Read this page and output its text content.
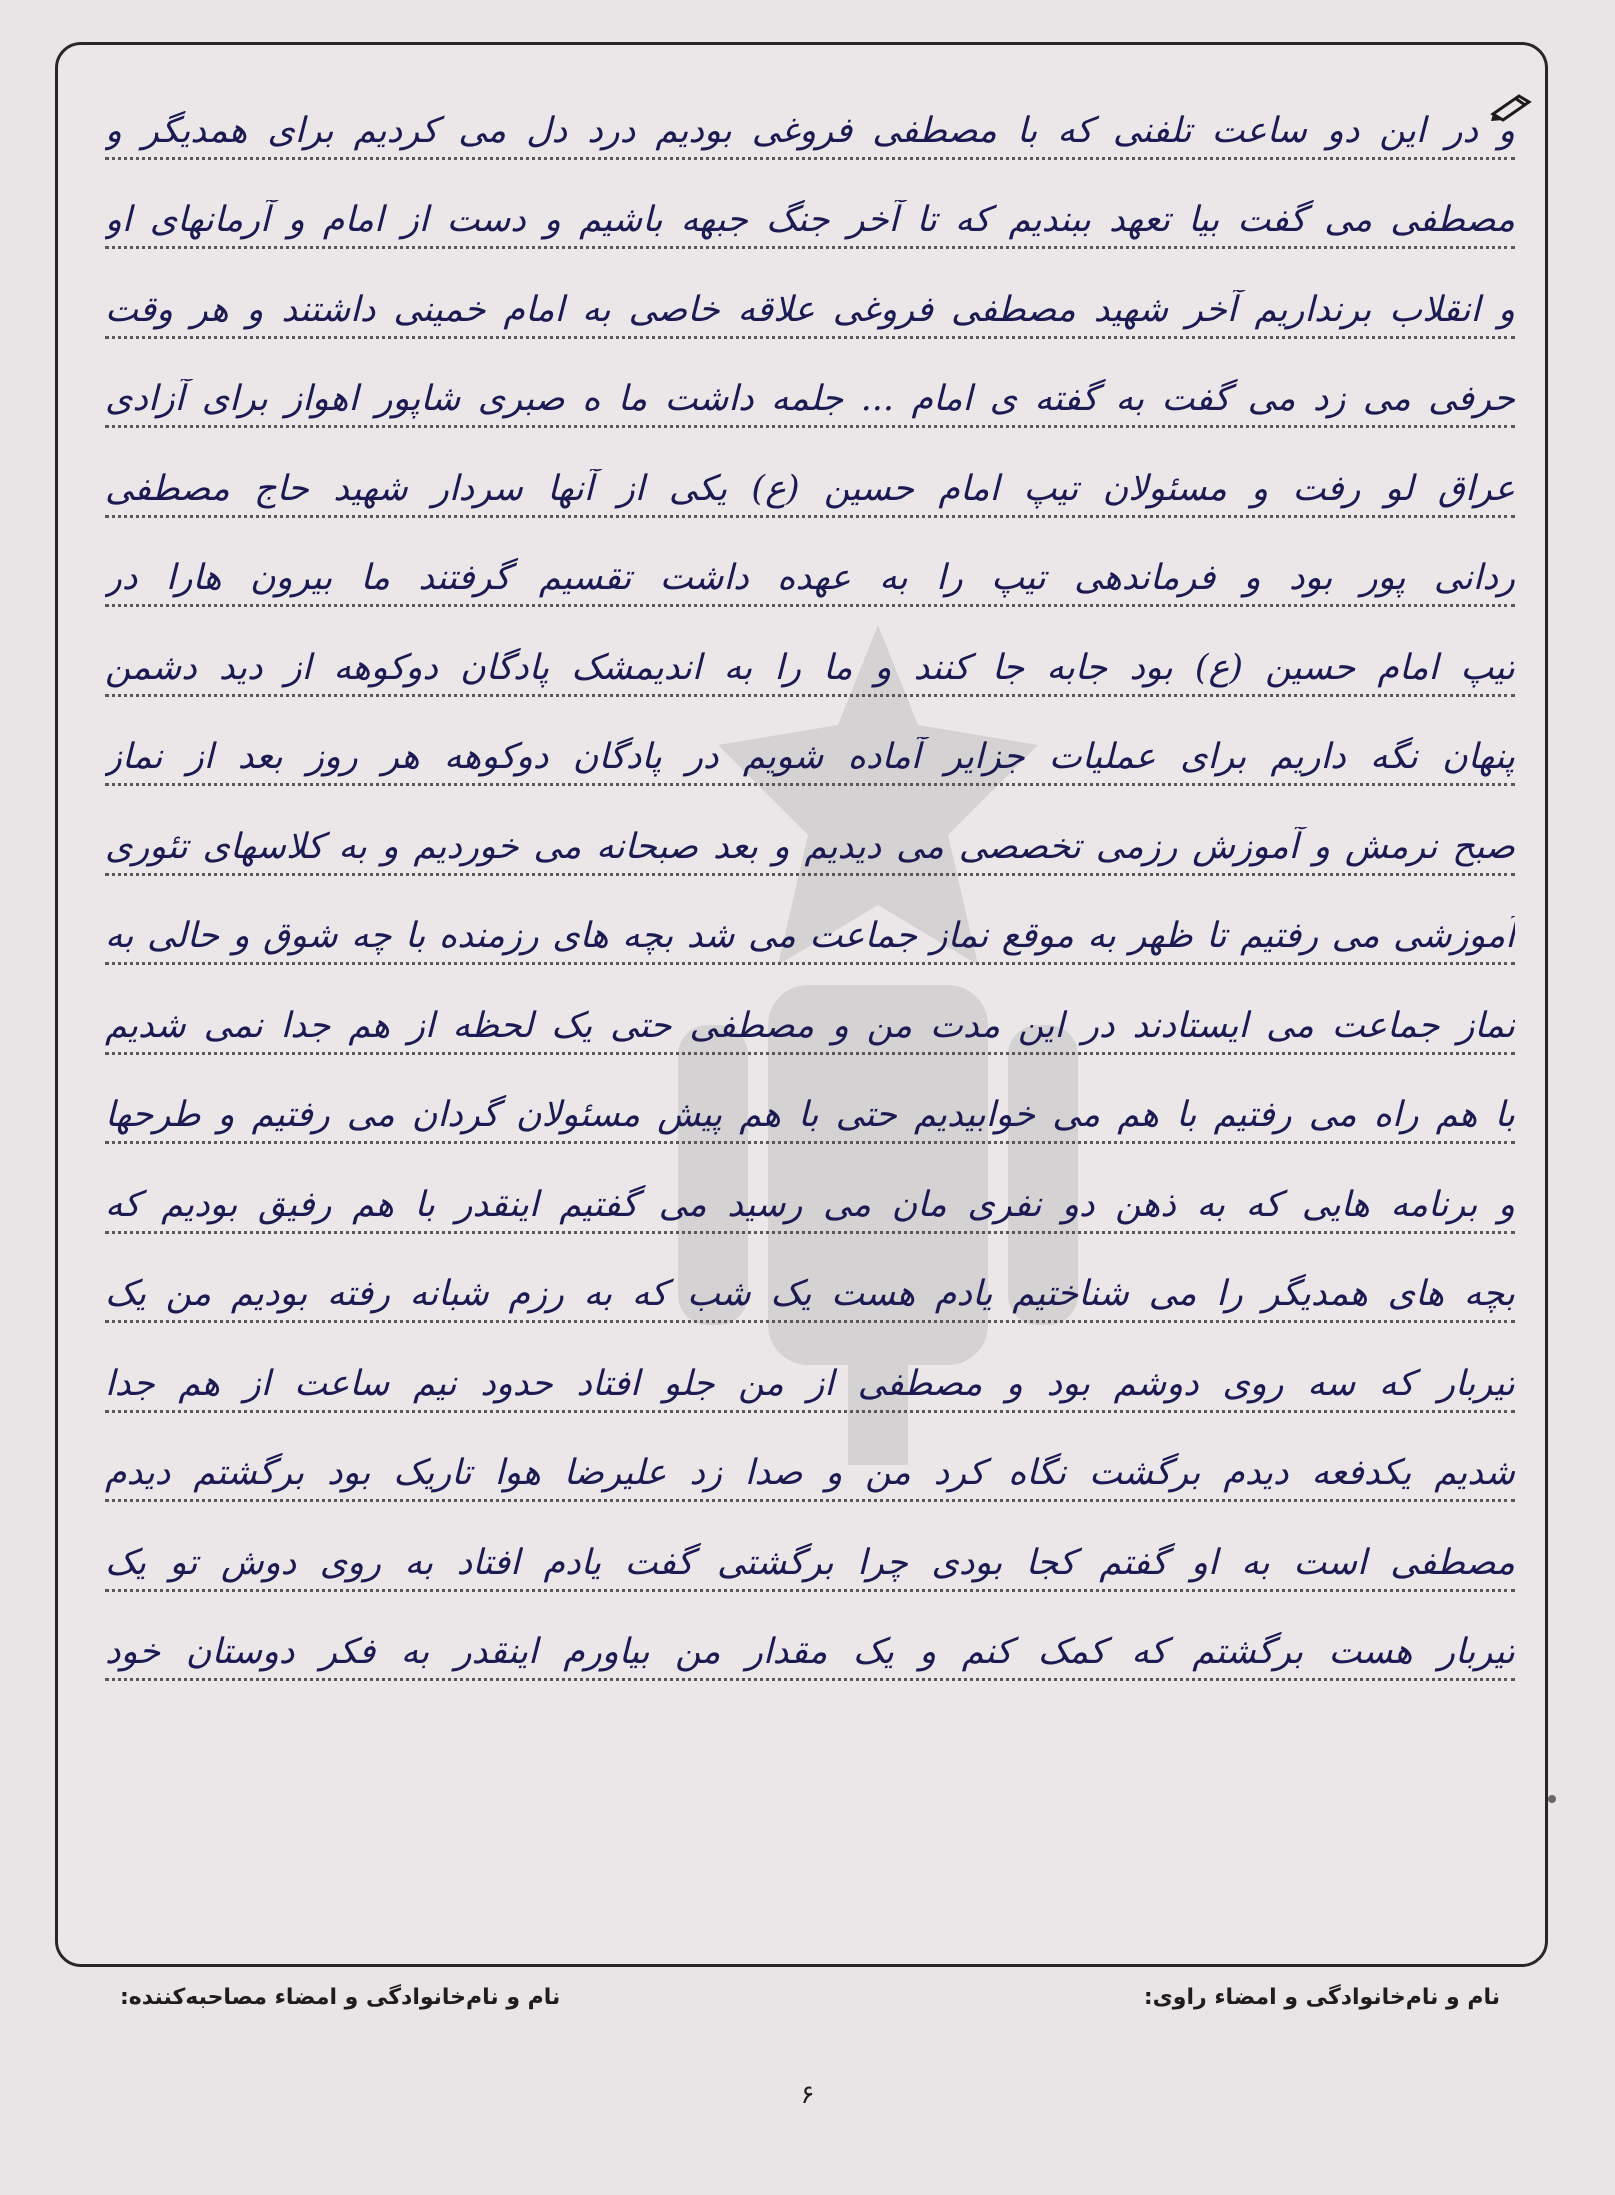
و در این دو ساعت تلفنی که با مصطفی فروغی بودیم درد دل می کردیم برای همدیگر و
مصطفی می گفت بیا تعهد ببندیم که تا آخر جنگ جبهه باشیم و دست از امام و آرمانهای او
و انقلاب برنداریم آخر شهید مصطفی فروغی علاقه خاصی به امام خمینی داشتند و هر وقت
حرفی می زد می گفت به گفته ی امام ... جلمه داشت ما ه صبری شاپور اهواز برای آزادی
عراق لو رفت و مسئولان تیپ امام حسین (ع) یکی از آنها سردار شهید حاج مصطفی
ردانی پور بود و فرماندهی تیپ را به عهده داشت تقسیم گرفتند ما بیرون هارا در
تیپ امام حسین (ع) بود جابه جا کنند و ما را به اندیمشک پادگان دوکوهه از دید دشمن
پنهان نگه داریم برای عملیات جزایر آماده شویم در پادگان دوکوهه هر روز بعد از نماز
صبح نرمش و آموزش رزمی تخصصی می دیدیم و بعد صبحانه می خوردیم و به کلاسهای تئوری
آموزشی می رفتیم تا ظهر به موقع نماز جماعت می شد بچه های رزمنده با چه شوق و حالی به
نماز جماعت می ایستادند در این مدت من و مصطفی حتی یک لحظه از هم جدا نمی شدیم
با هم راه می رفتیم با هم می خوابیدیم حتی با هم پیش مسئولان گردان می رفتیم و طرحها
و برنامه هایی که به ذهن دو نفری مان می رسید می گفتیم اینقدر با هم رفیق بودیم که
بچه های همدیگر را می شناختیم یادم هست یک شب که به رزم شبانه رفته بودیم من یک
تیربار که سه روی دوشم بود و مصطفی از من جلو افتاد حدود نیم ساعت از هم جدا
شدیم یکدفعه دیدم برگشت نگاه کرد من و صدا زد علیرضا هوا تاریک بود برگشتم دیدم
مصطفی است به او گفتم کجا بودی چرا برگشتی گفت یادم افتاد به روی دوش تو یک
تیربار هست برگشتم که کمک کنم و یک مقدار من بیاورم اینقدر به فکر دوستان خود
نام و نام‌خانوادگی و امضاء راوی:
نام و نام‌خانوادگی و امضاء مصاحبه‌کننده:
۶
